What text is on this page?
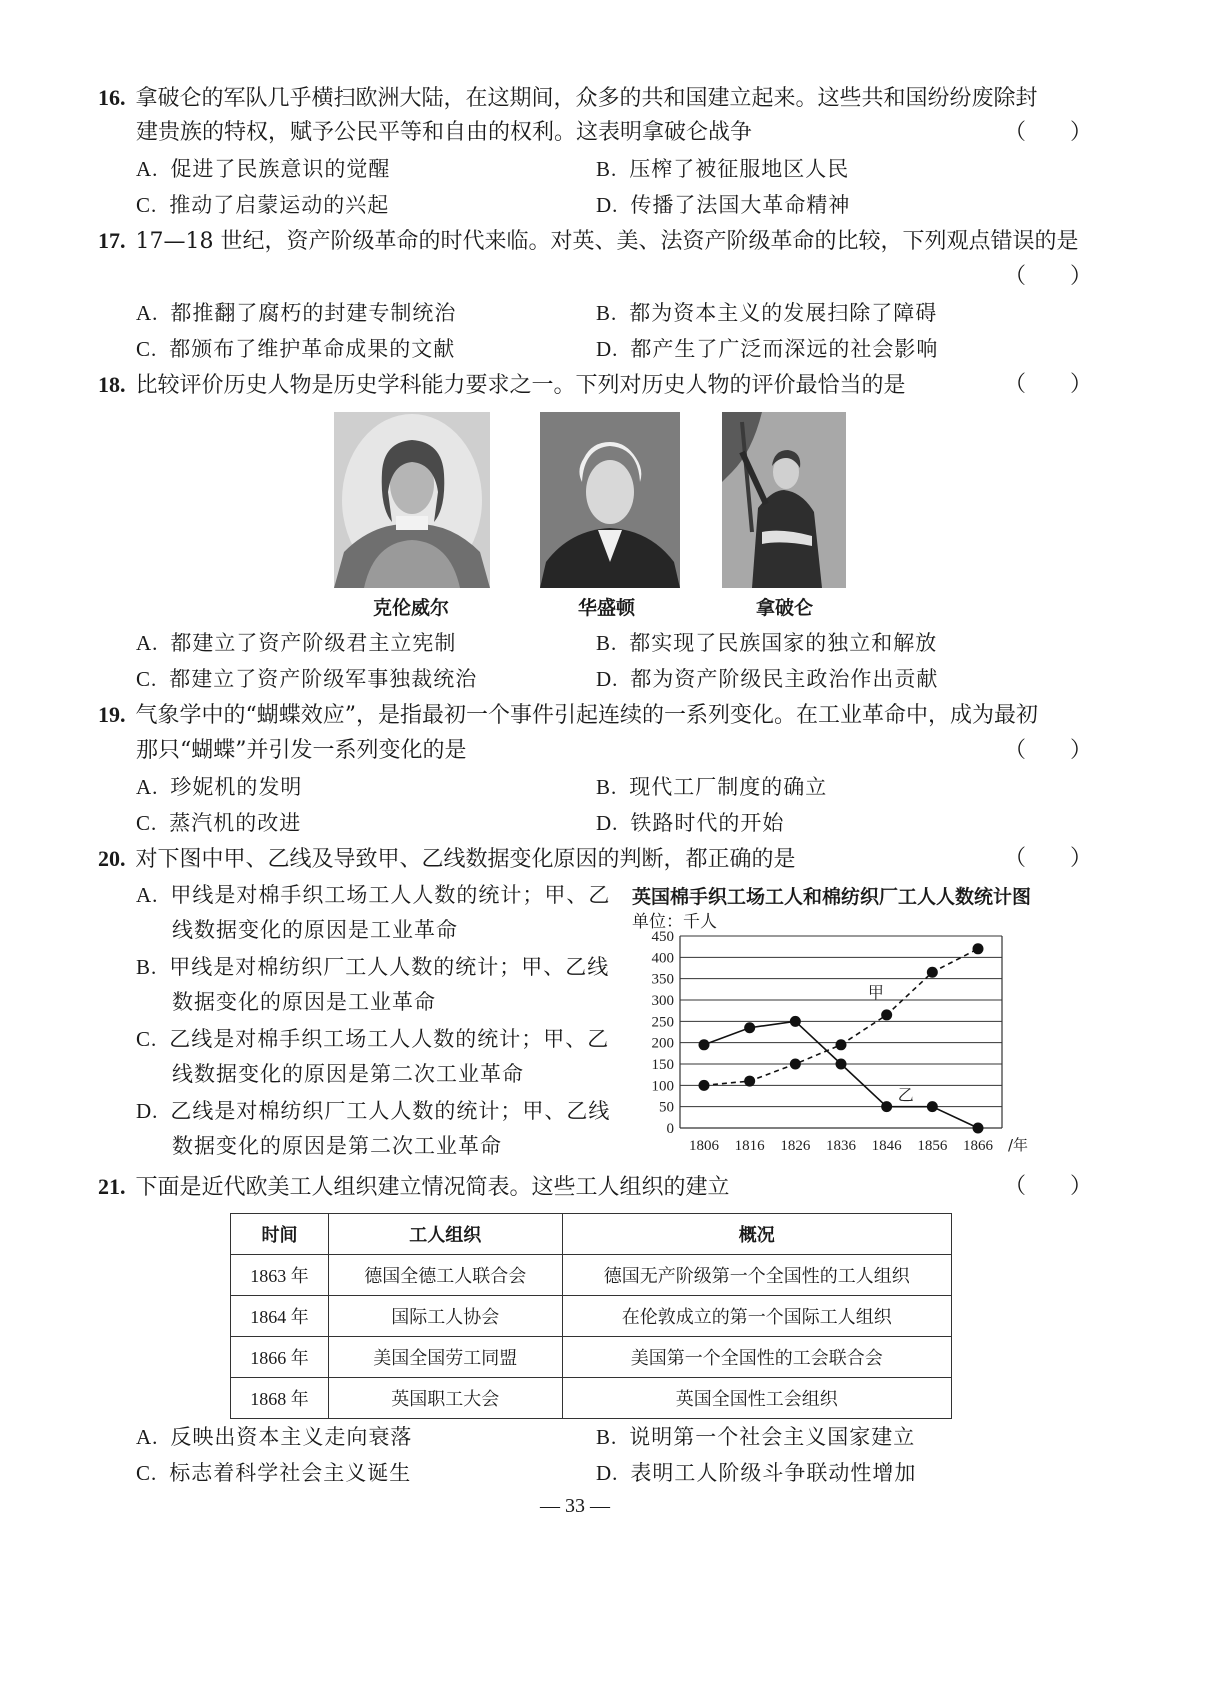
16. 拿破仑的军队几乎横扫欧洲大陆，在这期间，众多的共和国建立起来。这些共和国纷纷废除封
建贵族的特权，赋予公民平等和自由的权利。这表明拿破仑战争	（　　）
A. 促进了民族意识的觉醒	B. 压榨了被征服地区人民
C. 推动了启蒙运动的兴起	D. 传播了法国大革命精神
17. 17—18 世纪，资产阶级革命的时代来临。对英、美、法资产阶级革命的比较，下列观点错误的是
（　　）
A. 都推翻了腐朽的封建专制统治	B. 都为资本主义的发展扫除了障碍
C. 都颁布了维护革命成果的文献	D. 都产生了广泛而深远的社会影响
18. 比较评价历史人物是历史学科能力要求之一。下列对历史人物的评价最恰当的是	（　　）
克伦威尔	华盛顿	拿破仑
A. 都建立了资产阶级君主立宪制	B. 都实现了民族国家的独立和解放
C. 都建立了资产阶级军事独裁统治	D. 都为资产阶级民主政治作出贡献
19. 气象学中的“蝴蝶效应”，是指最初一个事件引起连续的一系列变化。在工业革命中，成为最初
那只“蝴蝶”并引发一系列变化的是	（　　）
A. 珍妮机的发明	B. 现代工厂制度的确立
C. 蒸汽机的改进	D. 铁路时代的开始
20. 对下图中甲、乙线及导致甲、乙线数据变化原因的判断，都正确的是	（　　）
A. 甲线是对棉手织工场工人人数的统计；甲、乙
线数据变化的原因是工业革命
B. 甲线是对棉纺织厂工人人数的统计；甲、乙线
数据变化的原因是工业革命
C. 乙线是对棉手织工场工人人数的统计；甲、乙
线数据变化的原因是第二次工业革命
D. 乙线是对棉纺织厂工人人数的统计；甲、乙线
数据变化的原因是第二次工业革命
英国棉手织工场工人和棉纺织厂工人人数统计图
单位：千人
0
50
100
150
200
250
300
350
400
450
1806 1816 1826 1836 1846 1856 1866 /年
甲
乙
21. 下面是近代欧美工人组织建立情况简表。这些工人组织的建立	（　　）
时间	工人组织	概况
1863 年	德国全德工人联合会	德国无产阶级第一个全国性的工人组织
1864 年	国际工人协会	在伦敦成立的第一个国际工人组织
1866 年	美国全国劳工同盟	美国第一个全国性的工会联合会
1868 年	英国职工大会	英国全国性工会组织
A. 反映出资本主义走向衰落	B. 说明第一个社会主义国家建立
C. 标志着科学社会主义诞生	D. 表明工人阶级斗争联动性增加
— 33 —
